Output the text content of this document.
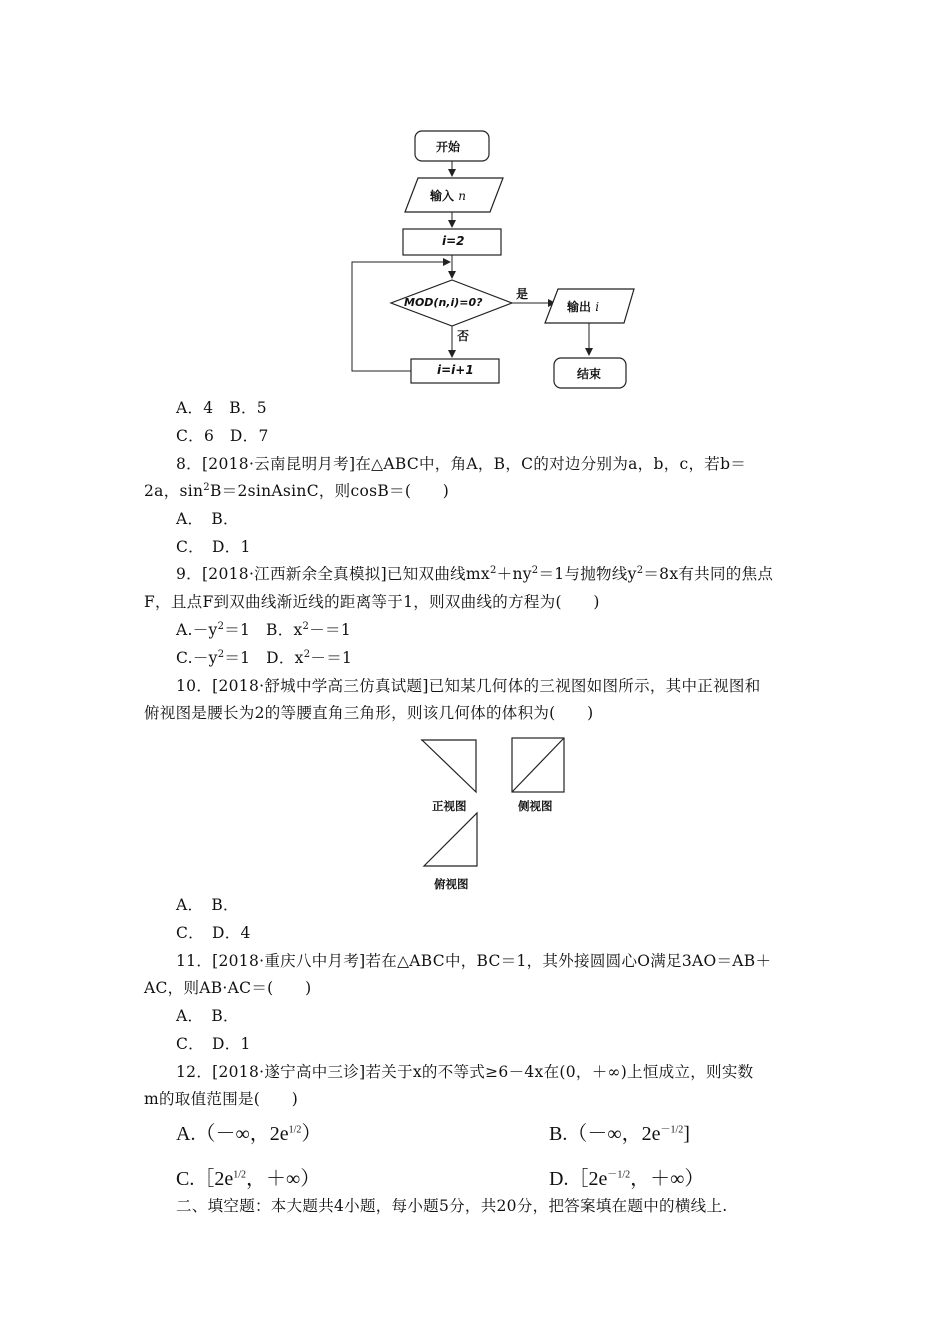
开始
输入 n
i=2
MOD(n,i)=0?
是
否
输出 i
i=i+1	结束
A．4　B．5
C．6　D．7
8．[2018·云南昆明月考]在△ABC中，角A，B，C的对边分别为a，b，c，若b＝
2a，$\sin^2B=2sinAsinC$，则cosB＝(　　)
A．　B．
C．　D．1
9．[2018·江西新余全真模拟]已知双曲线$mx^2+ny^2=1$与抛物线$y^2=8x$有共同的焦点
F，且点F到双曲线渐近线的距离等于1，则双曲线的方程为(　　)
$A.-y^2=1$　B．$x^2-=1$
$C.-y^2=1$　D．$x^2-=1$
10．[2018·舒城中学高三仿真试题]已知某几何体的三视图如图所示，其中正视图和
俯视图是腰长为2的等腰直角三角形，则该几何体的体积为(　　)
正视图	侧视图
俯视图
A．　B．
C．　D．4
11．[2018·重庆八中月考]若在△ABC中，BC＝1，其外接圆圆心O满足3AO＝AB＋
AC，则AB·AC＝(　　)
A．　B．
C．　D．1
12．[2018·遂宁高中三诊]若关于x的不等式≥6－4x在(0，＋∞)上恒成立，则实数
m的取值范围是(　　)
A.（－∞，$2e^{1/2}$）	B.（－∞，$2e^{-1/2}$]
$C.[2e^{1/2}$，＋∞）	$D.[2e^{-1/2}$，＋∞）
二、填空题：本大题共4小题，每小题5分，共20分，把答案填在题中的横线上.
